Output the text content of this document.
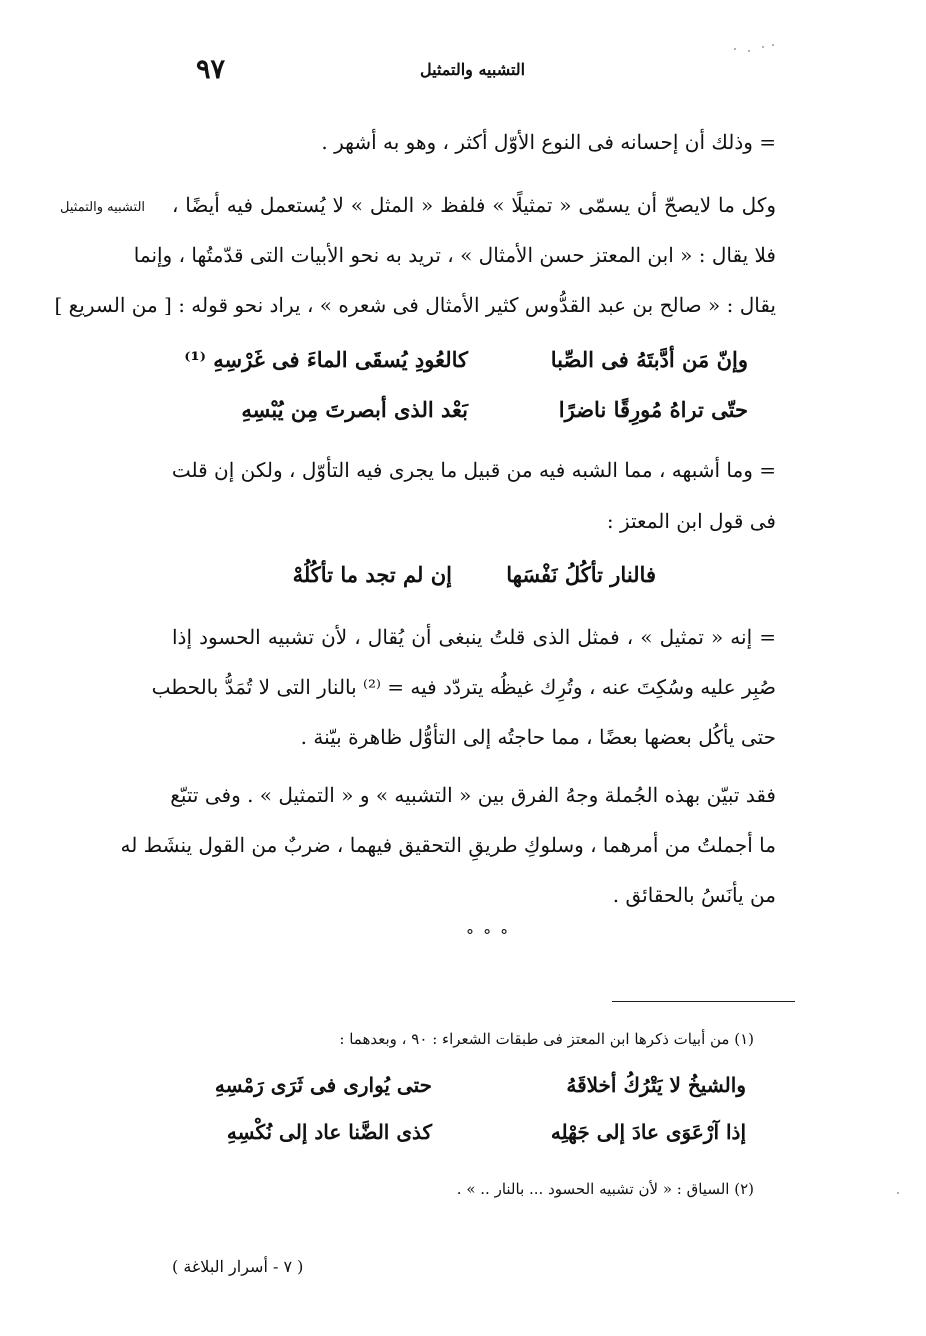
٩٧	التشبيه والتمثيل
التشبيه والتمثيل
= وذلك أن إحسانه فى النوع الأوّل أكثر ، وهو به أشهر .
وكل ما لايصحّ أن يسمّى « تمثيلًا » فلفظ « المثل » لا يُستعمل فيه أيضًا ،
فلا يقال : « ابن المعتز حسن الأمثال » ، تريد به نحو الأبيات التى قدّمتُها ، وإنما
يقال : « صالح بن عبد القدُّوس كثير الأمثال فى شعره » ، يراد نحو قوله : [ من السريع ]
وإنّ مَن أدَّبتَهُ فى الصِّبا
كالعُودِ يُسقَى الماءَ فى غَرْسِهِ ⁽¹⁾
حتّى تراهُ مُورِقًا ناضرًا
بَعْد الذى أبصرتَ مِن يُبْسِهِ
= وما أشبهه ، مما الشبه فيه من قبيل ما يجرى فيه التأوّل ، ولكن إن قلت
فى قول ابن المعتز :
فالنار تأكُلُ نَفْسَها
إن لم تجد ما تأكُلُهْ
= إنه « تمثيل » ، فمثل الذى قلتُ ينبغى أن يُقال ، لأن تشبيه الحسود إذا
صُبِر عليه وسُكِتَ عنه ، وتُرِك غيظُه يتردّد فيه = ⁽²⁾ بالنار التى لا تُمَدُّ بالحطب
حتى يأكُل بعضها بعضًا ، مما حاجتُه إلى التأوُّل ظاهرة بيّنة .
فقد تبيّن بهذه الجُملة وجهُ الفرق بين « التشبيه » و « التمثيل » . وفى تتبّع
ما أجملتُ من أمرهما ، وسلوكِ طريقِ التحقيق فيهما ، ضربٌ من القول ينشَط له
من يأنَسُ بالحقائق .
° ° °
(١) من أبيات ذكرها ابن المعتز فى طبقات الشعراء : ٩٠ ، وبعدهما :
والشيخُ لا يَتْرُكُ أخلاقَهُ
حتى يُوارى فى ثَرَى رَمْسِهِ
إذا آرْعَوَى عادَ إلى جَهْلِه
كذى الضَّنا عاد إلى نُكْسِهِ
(٢) السياق : « لأن تشبيه الحسود ... بالنار .. » .
( ٧ - أسرار البلاغة )
